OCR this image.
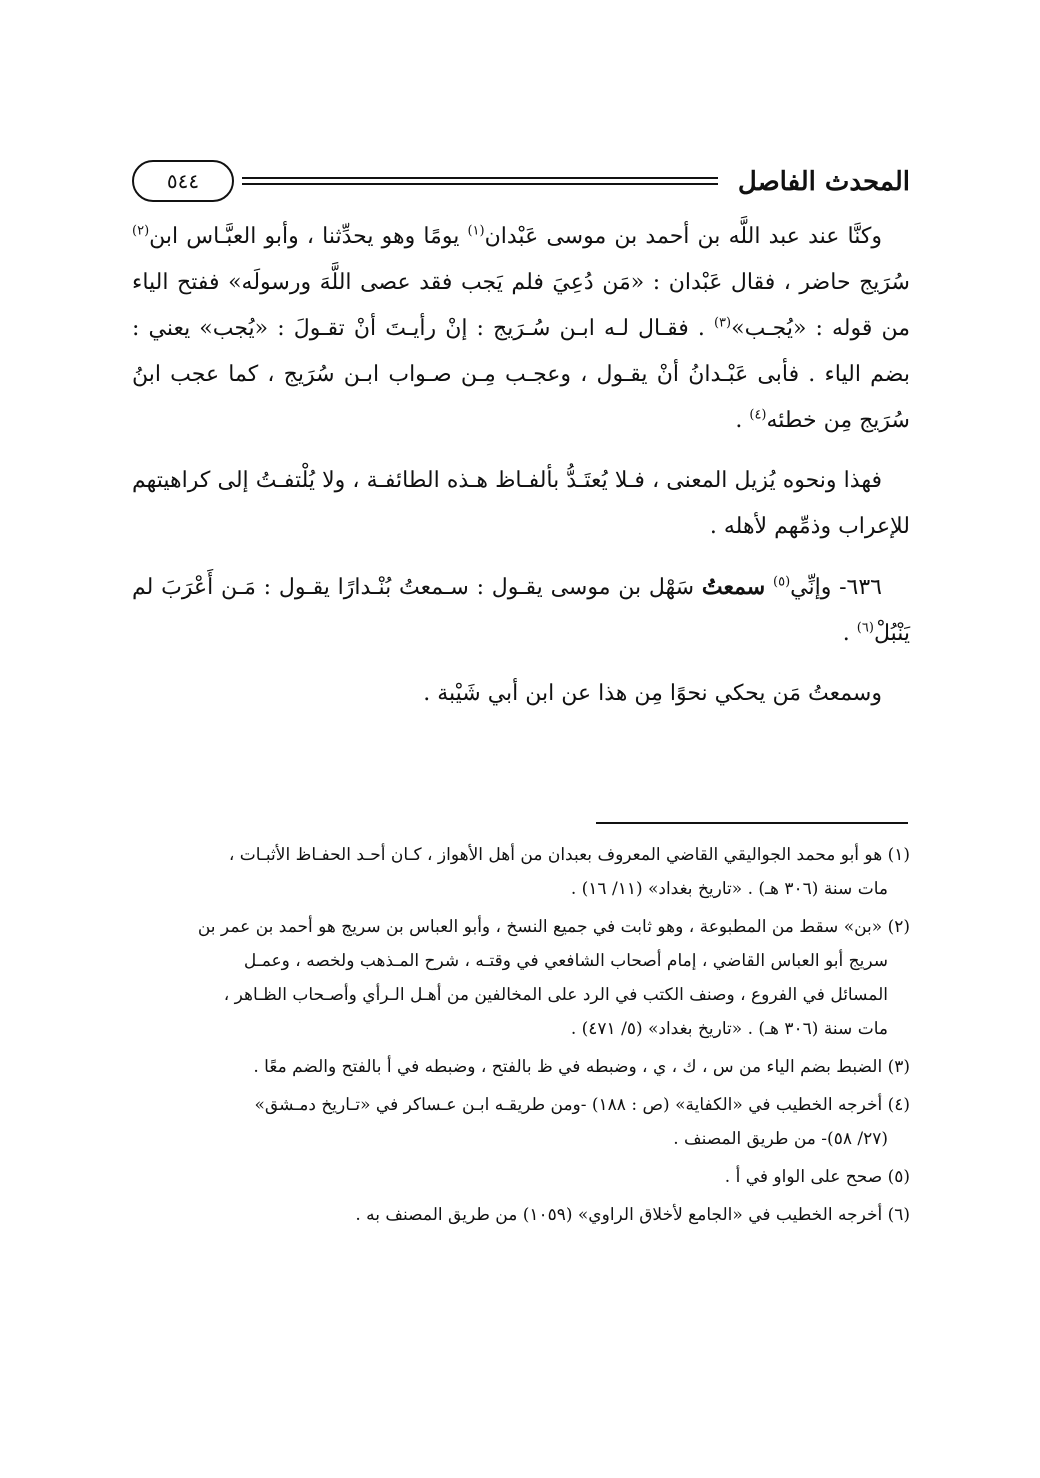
المحدث الفاصل
٥٤٤

وكنَّا عند عبد اللَّه بن أحمد بن موسى عَبْدان$^{(١)}$ يومًا وهو يحدِّثنا ، وأبو العبَّـاس ابن$^{(٢)}$ سُرَيج حاضر ، فقال عَبْدان : «مَن دُعِيَ فلم يَجب فقد عصى اللَّهَ ورسولَه» ففتح الياء من قوله : «يُجـب»$^{(٣)}$ . فقـال لـه ابـن سُـرَيج : إنْ رأيـتَ أنْ تقـولَ : «يُجب» يعني : بضم الياء . فأبى عَبْـدانُ أنْ يقـول ، وعجـب مِـن صـواب ابـن سُرَيج ، كما عجب ابنُ سُرَيج مِن خطئه$^{(٤)}$ .

فهذا ونحوه يُزيل المعنى ، فـلا يُعتَـدُّ بألفـاظ هـذه الطائفـة ، ولا يُلْتفـتُ إلى كراهيتهم للإعراب وذمِّهم لأهله .

٦٣٦- وإنِّي$^{(٥)}$ سمعتُ سَهْل بن موسى يقـول : سـمعتُ بُنْـدارًا يقـول : مَـن أَعْرَبَ لم يَنْبُلْ$^{(٦)}$ .

وسمعتُ مَن يحكي نحوًا مِن هذا عن ابن أبي شَيْبة .

(١) هو أبو محمد الجواليقي القاضي المعروف بعبدان من أهل الأهواز ، كـان أحـد الحفـاظ الأثبـات ،
مات سنة (٣٠٦ هـ) . «تاريخ بغداد» (١١/ ١٦) .
(٢) «بن» سقط من المطبوعة ، وهو ثابت في جميع النسخ ، وأبو العباس بن سريج هو أحمد بن عمر بن
سريج أبو العباس القاضي ، إمام أصحاب الشافعي في وقتـه ، شرح المـذهب ولخصه ، وعمـل
المسائل في الفروع ، وصنف الكتب في الرد على المخالفين من أهـل الـرأي وأصـحاب الظـاهر ،
مات سنة (٣٠٦ هـ) . «تاريخ بغداد» (٥/ ٤٧١) .
(٣) الضبط بضم الياء من س ، ك ، ي ، وضبطه في ظ بالفتح ، وضبطه في أ بالفتح والضم معًا .
(٤) أخرجه الخطيب في «الكفاية» (ص : ١٨٨) -ومن طريقـه ابـن عـساكر في «تـاريخ دمـشق»
(٢٧/ ٥٨)- من طريق المصنف .
(٥) صحح على الواو في أ .
(٦) أخرجه الخطيب في «الجامع لأخلاق الراوي» (١٠٥٩) من طريق المصنف به .
